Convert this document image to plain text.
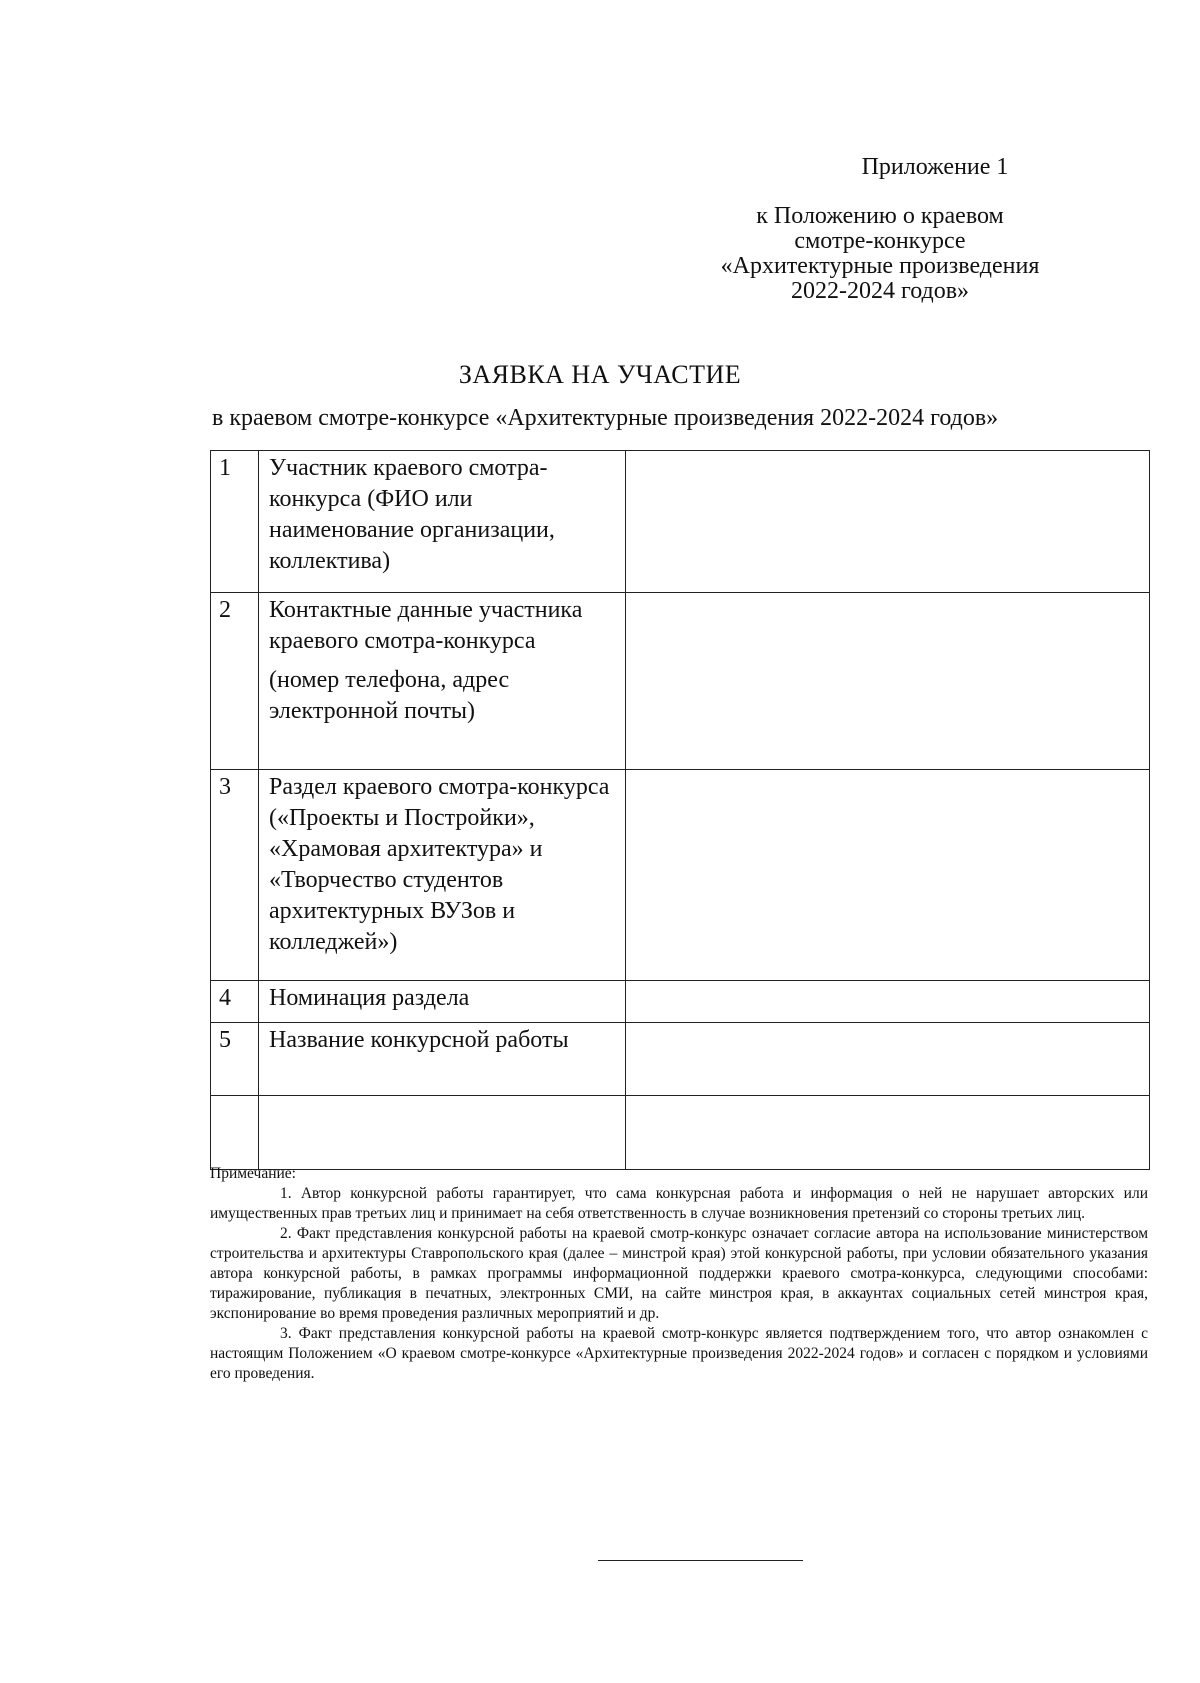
Приложение 1
к Положению о краевом
смотре-конкурсе
«Архитектурные произведения
2022-2024 годов»
ЗАЯВКА НА УЧАСТИЕ
в краевом смотре-конкурсе «Архитектурные произведения 2022-2024 годов»
1	Участник краевого смотра-конкурса (ФИО или наименование организации, коллектива)	
2	Контактные данные участника краевого смотра-конкурса
(номер телефона, адрес электронной почты)	

3	Раздел краевого смотра-конкурса («Проекты и Постройки», «Храмовая архитектура» и «Творчество студентов архитектурных ВУЗов и колледжей»)	
4	Номинация раздела	
5	Название конкурсной работы	

Примечание:

1. Автор конкурсной работы гарантирует, что сама конкурсная работа и информация о ней не нарушает авторских или имущественных прав третьих лиц и принимает на себя ответственность в случае возникновения претензий со стороны третьих лиц.

2. Факт представления конкурсной работы на краевой смотр-конкурс означает согласие автора на использование министерством строительства и архитектуры Ставропольского края (далее – минстрой края) этой конкурсной работы, при условии обязательного указания автора конкурсной работы, в рамках программы информационной поддержки краевого смотра-конкурса, следующими способами: тиражирование, публикация в печатных, электронных СМИ, на сайте минстроя края, в аккаунтах социальных сетей минстроя края, экспонирование во время проведения различных мероприятий и др.

3. Факт представления конкурсной работы на краевой смотр-конкурс является подтверждением того, что автор ознакомлен с настоящим Положением «О краевом смотре-конкурсе «Архитектурные произведения 2022-2024 годов» и согласен с порядком и условиями его проведения.
